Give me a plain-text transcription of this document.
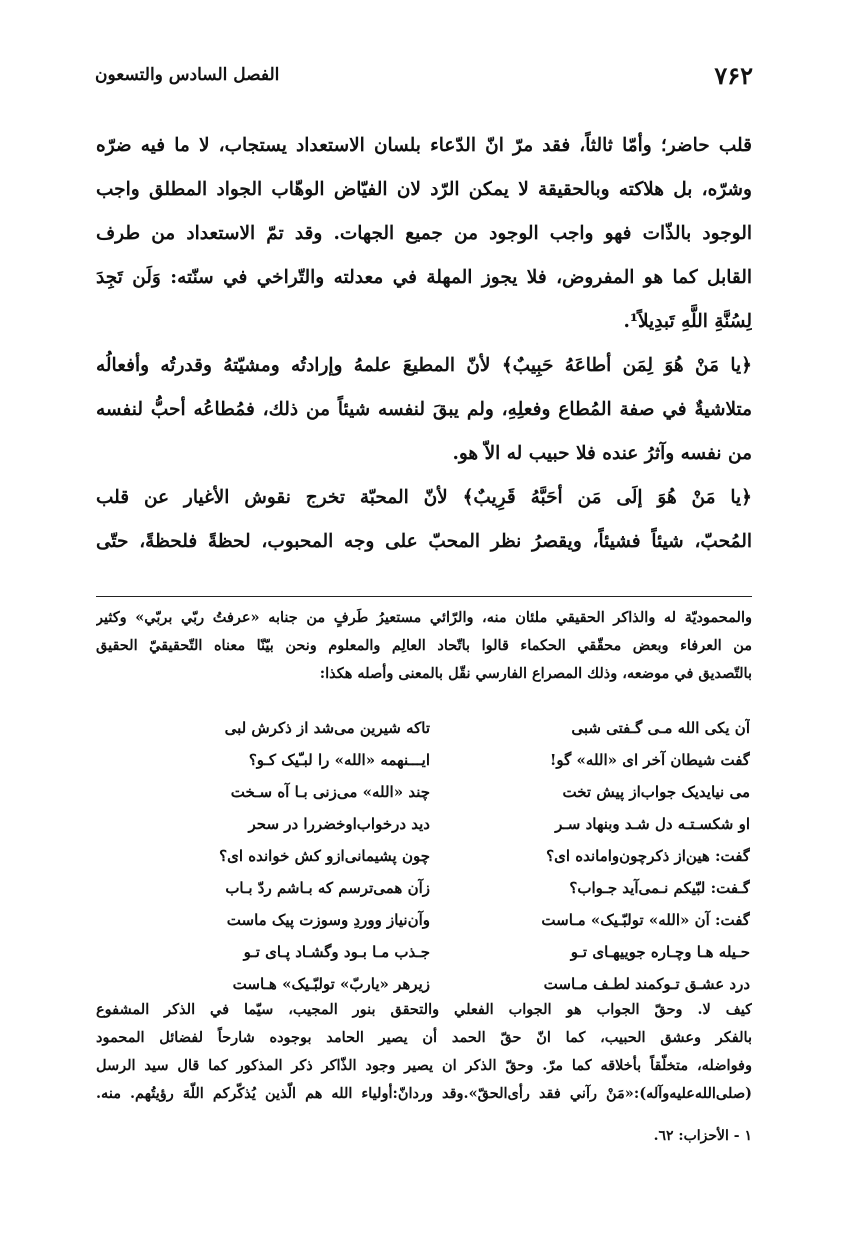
۷۶۲
الفصل السادس والتسعون
قلب حاضر؛ وأمّا ثالثاً، فقد مرّ انّ الدّعاء بلسان الاستعداد يستجاب، لا ما فيه ضرّه
وشرّه، بل هلاكته وبالحقيقة لا يمكن الرّد لان الفيّاض الوهّاب الجواد المطلق واجب
الوجود بالذّات فهو واجب الوجود من جميع الجهات. وقد تمّ الاستعداد من طرف
القابل كما هو المفروض، فلا يجوز المهلة في معدلته والتّراخي في سنّته: وَلَن تَجِدَ
لِسُنَّةِ اللَّهِ تَبدِيلاً¹.
﴿يا مَنْ هُوَ لِمَن أطاعَهُ حَبِيبٌ﴾ لأنّ المطيعَ علمهُ وإرادتُه ومشيّتهُ وقدرتُه وأفعالُه
متلاشيةٌ في صفة المُطاع وفعلِهِ، ولم يبقَ لنفسه شيئاً من ذلك، فمُطاعُه أحبُّ لنفسه
من نفسه وآثرُ عنده فلا حبيب له الاّ هو.
﴿يا مَنْ هُوَ إلَى مَن أحَبَّهُ قَرِيبٌ﴾ لأنّ المحبّة تخرج نقوش الأغيار عن قلب
المُحبّ، شيئاً فشيئاً، ويقصرُ نظر المحبّ على وجه المحبوب، لحظةً فلحظةً، حتّى
والمحموديّة له والذاكر الحقيقي ملئان منه، والرّائي مستعيرُ طَرفٍ من جنابه «عرفتُ ربّي بربّي» وكثير
من العرفاء وبعض محقّقي الحكماء قالوا باتّحاد العالِم والمعلوم ونحن بيّنّا معناه التّحقيقيّ الحقيق
بالتّصديق في موضعه، وذلك المصراع الفارسي نقّل بالمعنى وأصله هكذا:
آن یکی الله مـی گـفتی شبی
تاکه شیرین می‌شد از ذکرش لبی
گفت شیطان آخر ای «الله» گو!
ایـــنهمه «الله» را لبـّیک کـو؟
می نیایدیک جواب‌از پیش تخت
چند «الله» می‌زنی بـا آه سـخت
او شکسـتـه دل شـد وبنهاد سـر
دید درخواب‌اوخضر‌را در سحر
گفت: هین‌از ذکرچون‌وامانده ای؟
چون پشیمانی‌ازو کش خوانده ای؟
گـفت: لبّیکم نـمی‌آید جـواب؟
زآن همی‌ترسم که بـاشم ردّ بـاب
گفت: آن «الله» تولبّـیک» مـاست
وآن‌نیاز ووردِ وسوزت پیک ماست
حـیله هـا وچـاره جوییهـای تـو
جـذب مـا بـود وگشـاد پـای تـو
درد عشـق تـوکمند لطـف مـاست
زیرهر «یاربّ» تولبّـیک» هـاست
كيف لا. وحقّ الجواب هو الجواب الفعلي والتحقق بنور المجيب، سيّما في الذكر المشفوع
بالفكر وعشق الحبيب، كما انّ حقّ الحمد أن يصير الحامد بوجوده شارحاً لفضائل المحمود
وفواضله، متخلّقاً بأخلاقه كما مرّ. وحقّ الذكر ان يصير وجود الذّاكر ذكر المذكور كما قال سيد الرسل
(صلى‌الله‌عليه‌وآله):«مَنْ رآني فقد رأى‌الحقّ».وقد وردانّ:أولياء الله هم الّذين يُذكّركم اللّهَ رؤيتُهم. منه.
١ - الأحزاب: ٦٢.
